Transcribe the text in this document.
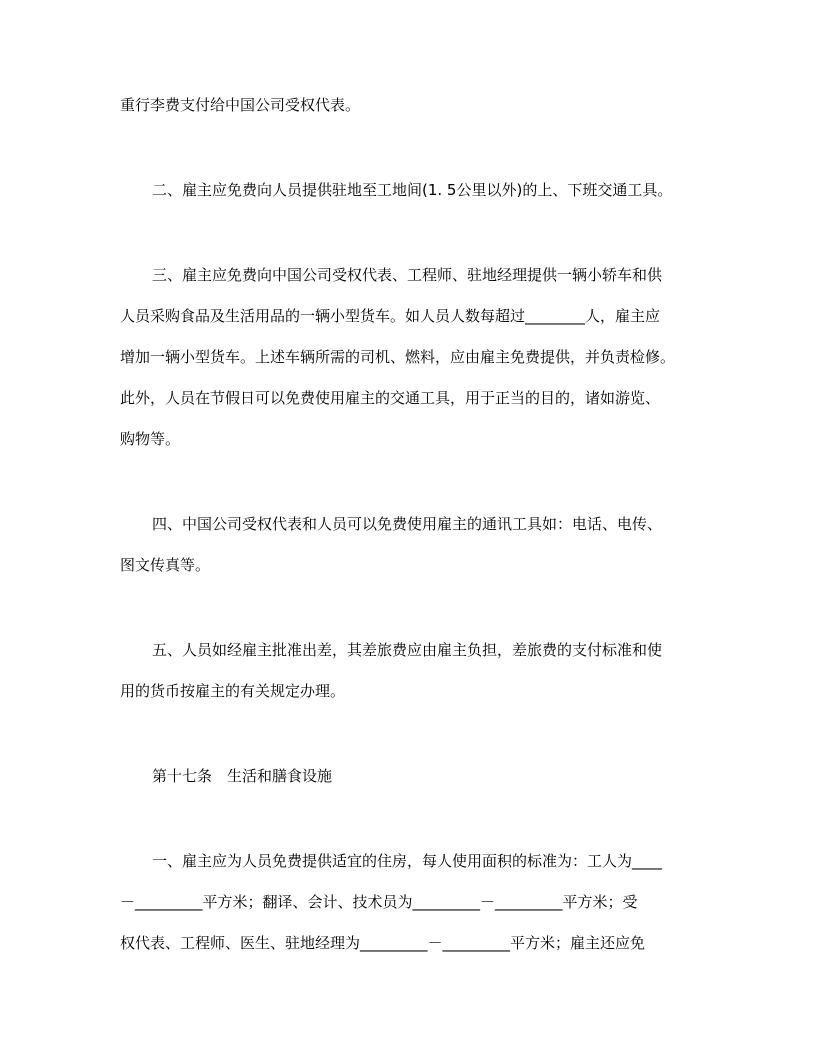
重行李费支付给中国公司受权代表。
二、雇主应免费向人员提供驻地至工地间(1. 5公里以外)的上、下班交通工具。
三、雇主应免费向中国公司受权代表、工程师、驻地经理提供一辆小轿车和供
人员采购食品及生活用品的一辆小型货车。如人员人数每超过________人，雇主应
增加一辆小型货车。上述车辆所需的司机、燃料，应由雇主免费提供，并负责检修。
此外，人员在节假日可以免费使用雇主的交通工具，用于正当的目的，诸如游览、
购物等。
四、中国公司受权代表和人员可以免费使用雇主的通讯工具如：电话、电传、
图文传真等。
五、人员如经雇主批准出差，其差旅费应由雇主负担，差旅费的支付标准和使
用的货币按雇主的有关规定办理。
第十七条　生活和膳食设施
一、雇主应为人员免费提供适宜的住房，每人使用面积的标准为：工人为____
－_________平方米；翻译、会计、技术员为_________－_________平方米；受
权代表、工程师、医生、驻地经理为_________－_________平方米；雇主还应免
